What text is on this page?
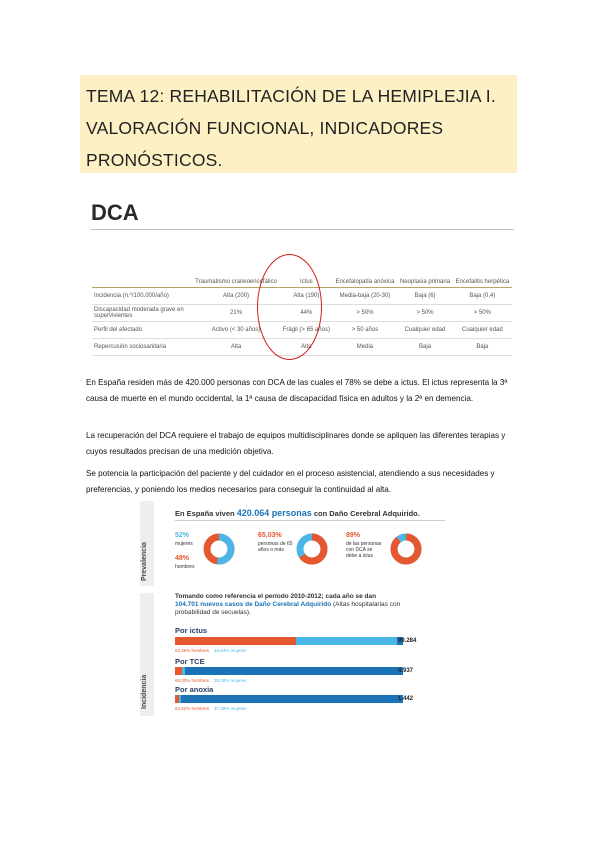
TEMA 12: REHABILITACIÓN DE LA HEMIPLEJIA I.
VALORACIÓN FUNCIONAL, INDICADORES
PRONÓSTICOS.
DCA
	Traumatismo craneoencefálico	Ictus	Encefalopatía anóxica	Neoplasia primaria	Encefalitis herpética
Incidencia (n.º/100.000/año)	Alta (200)	Alta (190)	Media-baja (20-30)	Baja (6)	Baja (0,4)
Discapacidad moderada grave en supervivientes	21%	44%	> 50%	> 50%	> 50%
Perfil del afectado	Activo (< 30 años)	Frágil (> 65 años)	> 50 años	Cualquier edad	Cualquier edad
Repercusión sociosanitaria	Alta	Alta	Media	Baja	Baja
En España residen más de 420.000 personas con DCA de las cuales el 78% se debe a ictus. El ictus representa la 3ª causa de muerte en el mundo occidental, la 1ª causa de discapacidad física en adultos y la 2ª en demencia.
La recuperación del DCA requiere el trabajo de equipos multidisciplinares donde se apliquen las diferentes terapias y cuyos resultados precisan de una medición objetiva.
Se potencia la participación del paciente y del cuidador en el proceso asistencial, atendiendo a sus necesidades y preferencias, y poniendo los medios necesarios para conseguir la continuidad al alta.
Prevalencia
Incidencia
En España viven 420.064 personas con Daño Cerebral Adquirido.
52%
mujeres
48%
hombres
65,03%
personas de 65 años o más
89%
de las personas con DCA se debe a ictus
Tomando como referencia el período 2010-2012; cada año se dan
104.701 nuevos casos de Daño Cerebral Adquirido (Altas hospitalarias con
probabilidad de secuelas).
Por ictus
99.284
53,36% hombres 46,64% mujeres
Por TCE
4.937
65,00% hombres 35,00% mujeres
Por anoxia
1.442
62,62% hombres 37,38% mujeres
